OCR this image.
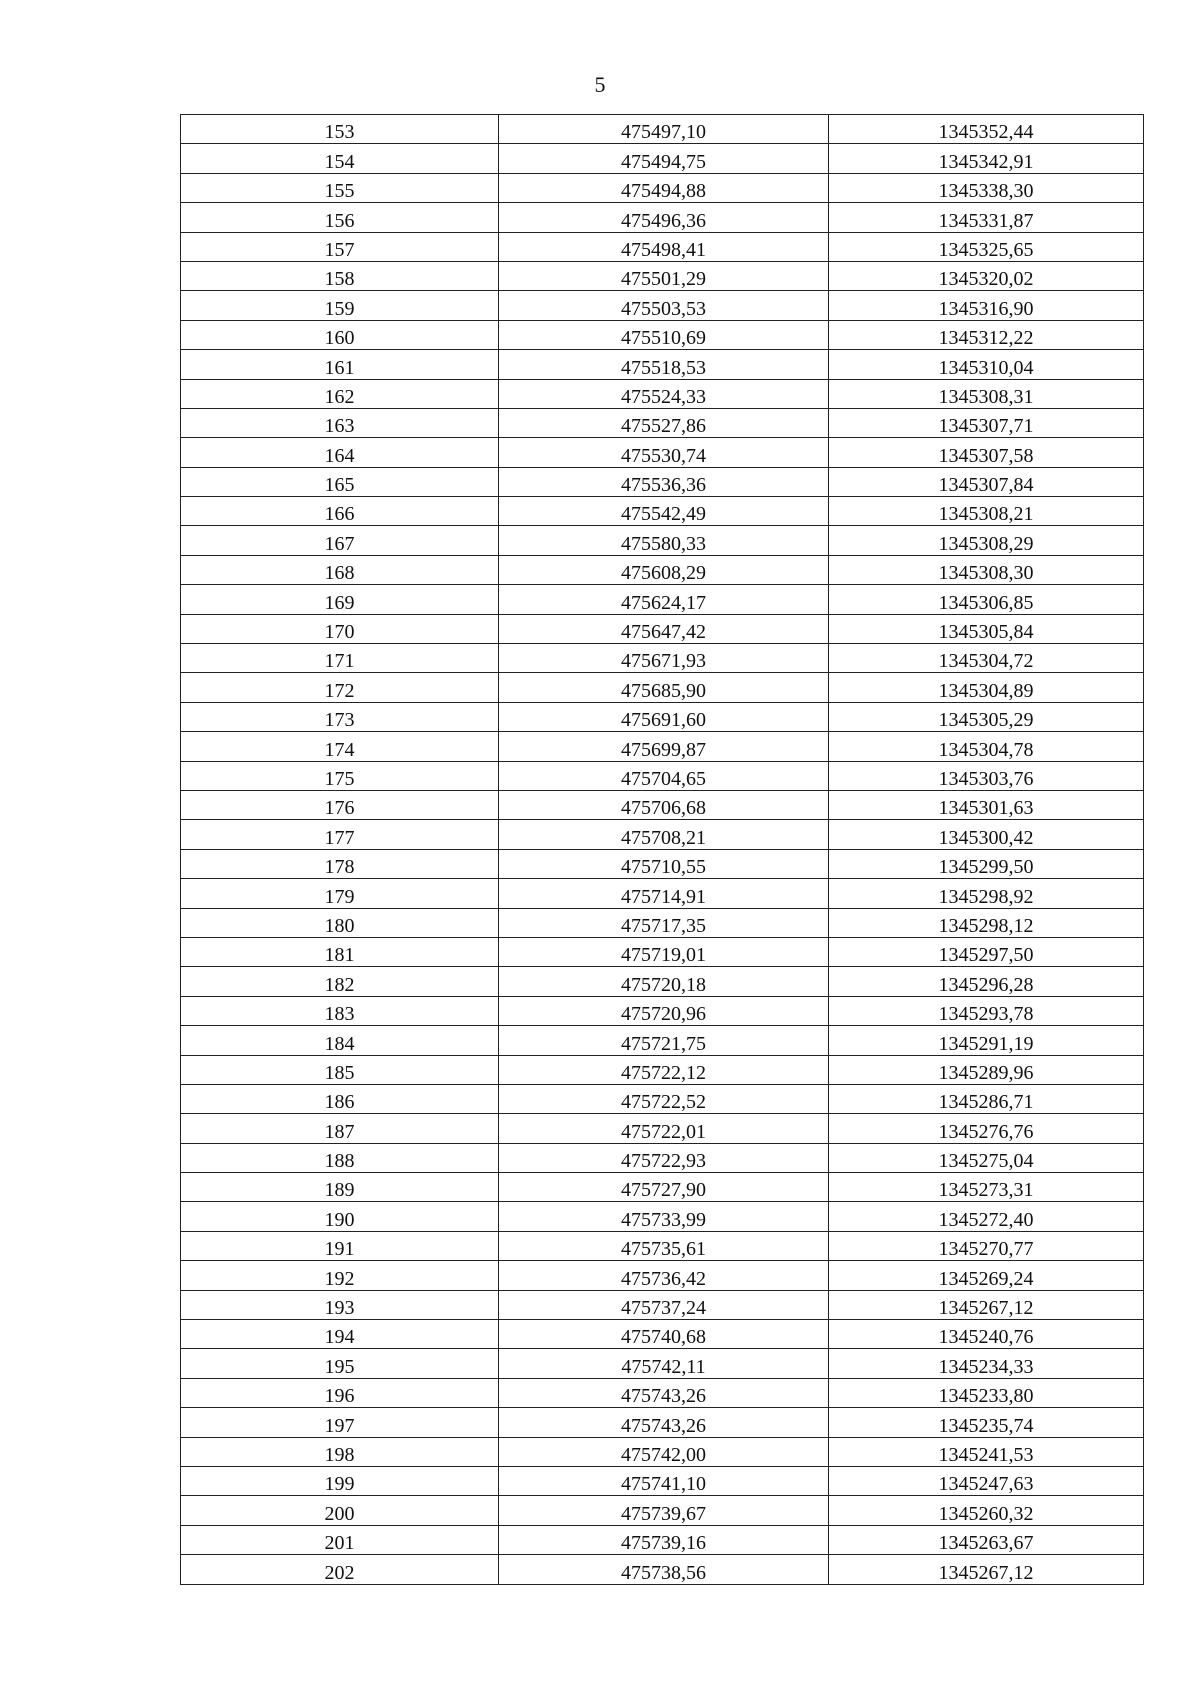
5
153	475497,10	1345352,44
154	475494,75	1345342,91
155	475494,88	1345338,30
156	475496,36	1345331,87
157	475498,41	1345325,65
158	475501,29	1345320,02
159	475503,53	1345316,90
160	475510,69	1345312,22
161	475518,53	1345310,04
162	475524,33	1345308,31
163	475527,86	1345307,71
164	475530,74	1345307,58
165	475536,36	1345307,84
166	475542,49	1345308,21
167	475580,33	1345308,29
168	475608,29	1345308,30
169	475624,17	1345306,85
170	475647,42	1345305,84
171	475671,93	1345304,72
172	475685,90	1345304,89
173	475691,60	1345305,29
174	475699,87	1345304,78
175	475704,65	1345303,76
176	475706,68	1345301,63
177	475708,21	1345300,42
178	475710,55	1345299,50
179	475714,91	1345298,92
180	475717,35	1345298,12
181	475719,01	1345297,50
182	475720,18	1345296,28
183	475720,96	1345293,78
184	475721,75	1345291,19
185	475722,12	1345289,96
186	475722,52	1345286,71
187	475722,01	1345276,76
188	475722,93	1345275,04
189	475727,90	1345273,31
190	475733,99	1345272,40
191	475735,61	1345270,77
192	475736,42	1345269,24
193	475737,24	1345267,12
194	475740,68	1345240,76
195	475742,11	1345234,33
196	475743,26	1345233,80
197	475743,26	1345235,74
198	475742,00	1345241,53
199	475741,10	1345247,63
200	475739,67	1345260,32
201	475739,16	1345263,67
202	475738,56	1345267,12
